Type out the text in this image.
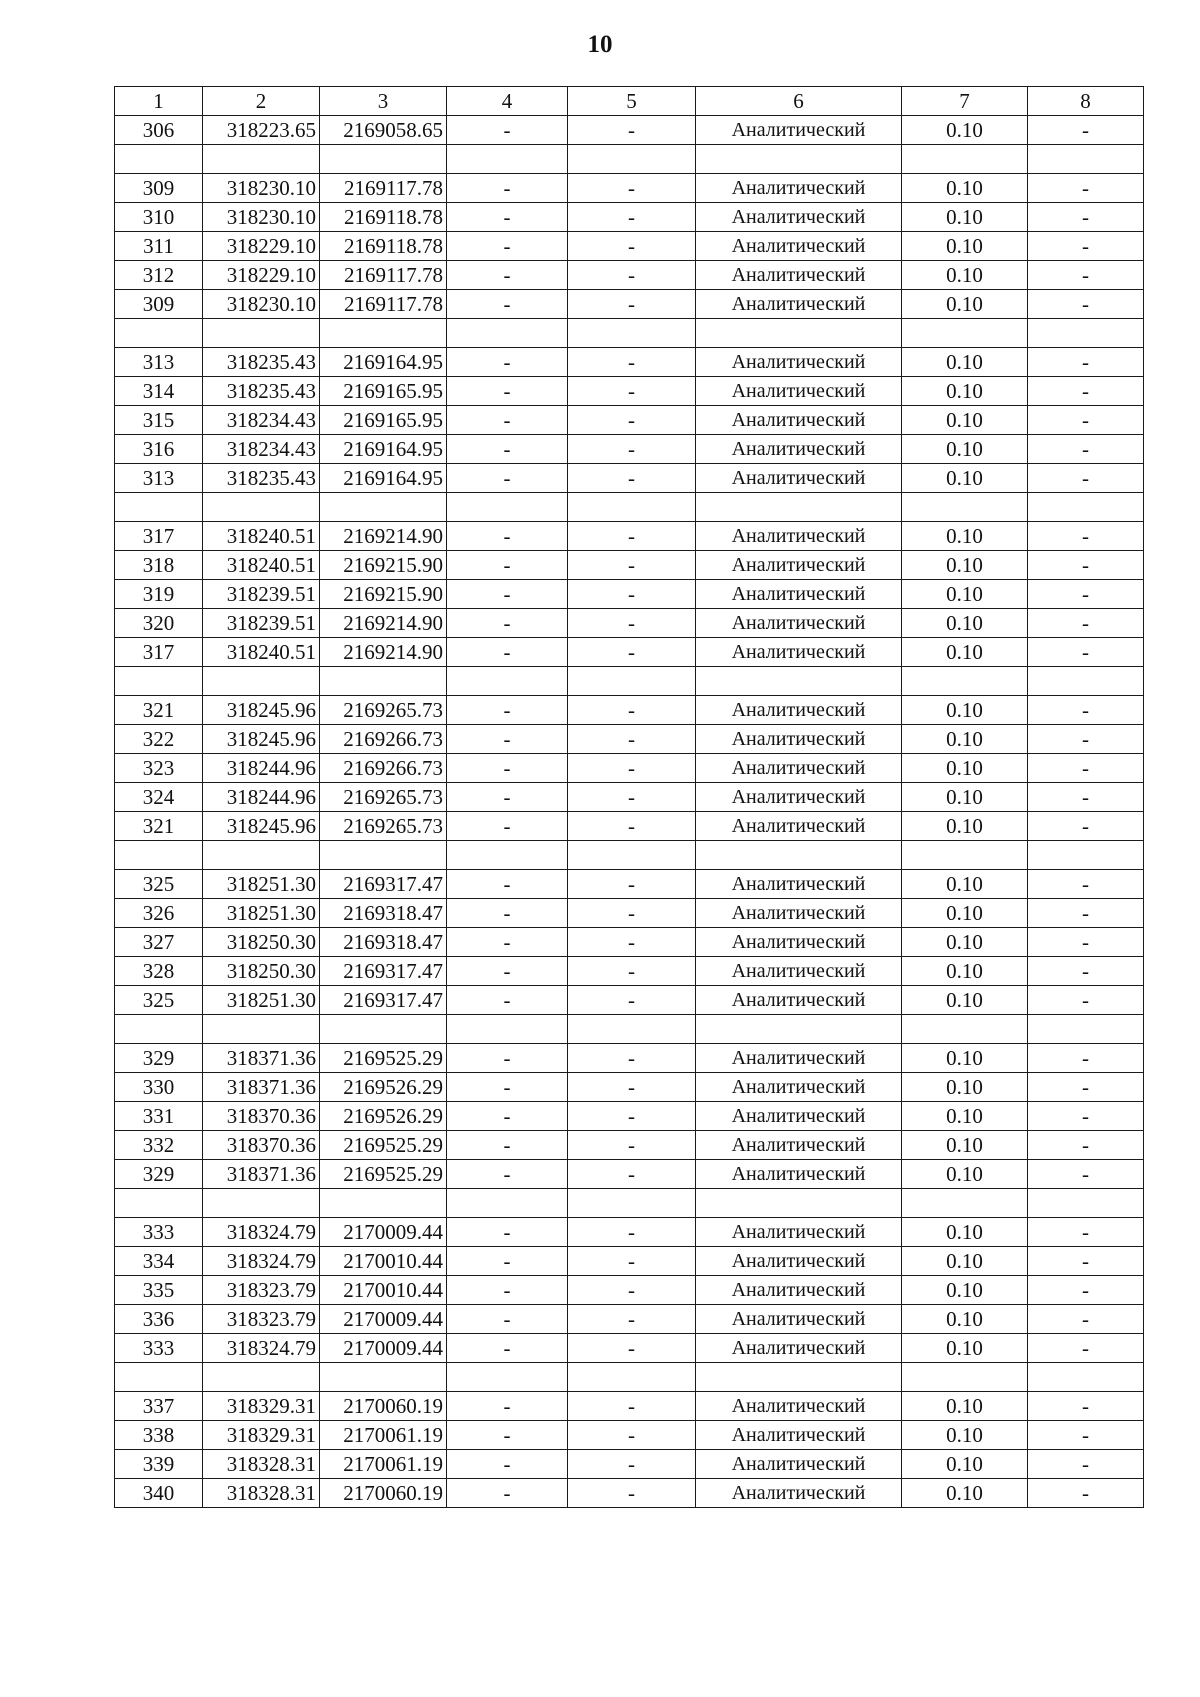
10
1	2	3	4	5	6	7	8
306	318223.65	2169058.65	-	-	Аналитический	0.10	-

309	318230.10	2169117.78	-	-	Аналитический	0.10	-
310	318230.10	2169118.78	-	-	Аналитический	0.10	-
311	318229.10	2169118.78	-	-	Аналитический	0.10	-
312	318229.10	2169117.78	-	-	Аналитический	0.10	-
309	318230.10	2169117.78	-	-	Аналитический	0.10	-

313	318235.43	2169164.95	-	-	Аналитический	0.10	-
314	318235.43	2169165.95	-	-	Аналитический	0.10	-
315	318234.43	2169165.95	-	-	Аналитический	0.10	-
316	318234.43	2169164.95	-	-	Аналитический	0.10	-
313	318235.43	2169164.95	-	-	Аналитический	0.10	-

317	318240.51	2169214.90	-	-	Аналитический	0.10	-
318	318240.51	2169215.90	-	-	Аналитический	0.10	-
319	318239.51	2169215.90	-	-	Аналитический	0.10	-
320	318239.51	2169214.90	-	-	Аналитический	0.10	-
317	318240.51	2169214.90	-	-	Аналитический	0.10	-

321	318245.96	2169265.73	-	-	Аналитический	0.10	-
322	318245.96	2169266.73	-	-	Аналитический	0.10	-
323	318244.96	2169266.73	-	-	Аналитический	0.10	-
324	318244.96	2169265.73	-	-	Аналитический	0.10	-
321	318245.96	2169265.73	-	-	Аналитический	0.10	-

325	318251.30	2169317.47	-	-	Аналитический	0.10	-
326	318251.30	2169318.47	-	-	Аналитический	0.10	-
327	318250.30	2169318.47	-	-	Аналитический	0.10	-
328	318250.30	2169317.47	-	-	Аналитический	0.10	-
325	318251.30	2169317.47	-	-	Аналитический	0.10	-

329	318371.36	2169525.29	-	-	Аналитический	0.10	-
330	318371.36	2169526.29	-	-	Аналитический	0.10	-
331	318370.36	2169526.29	-	-	Аналитический	0.10	-
332	318370.36	2169525.29	-	-	Аналитический	0.10	-
329	318371.36	2169525.29	-	-	Аналитический	0.10	-

333	318324.79	2170009.44	-	-	Аналитический	0.10	-
334	318324.79	2170010.44	-	-	Аналитический	0.10	-
335	318323.79	2170010.44	-	-	Аналитический	0.10	-
336	318323.79	2170009.44	-	-	Аналитический	0.10	-
333	318324.79	2170009.44	-	-	Аналитический	0.10	-

337	318329.31	2170060.19	-	-	Аналитический	0.10	-
338	318329.31	2170061.19	-	-	Аналитический	0.10	-
339	318328.31	2170061.19	-	-	Аналитический	0.10	-
340	318328.31	2170060.19	-	-	Аналитический	0.10	-
